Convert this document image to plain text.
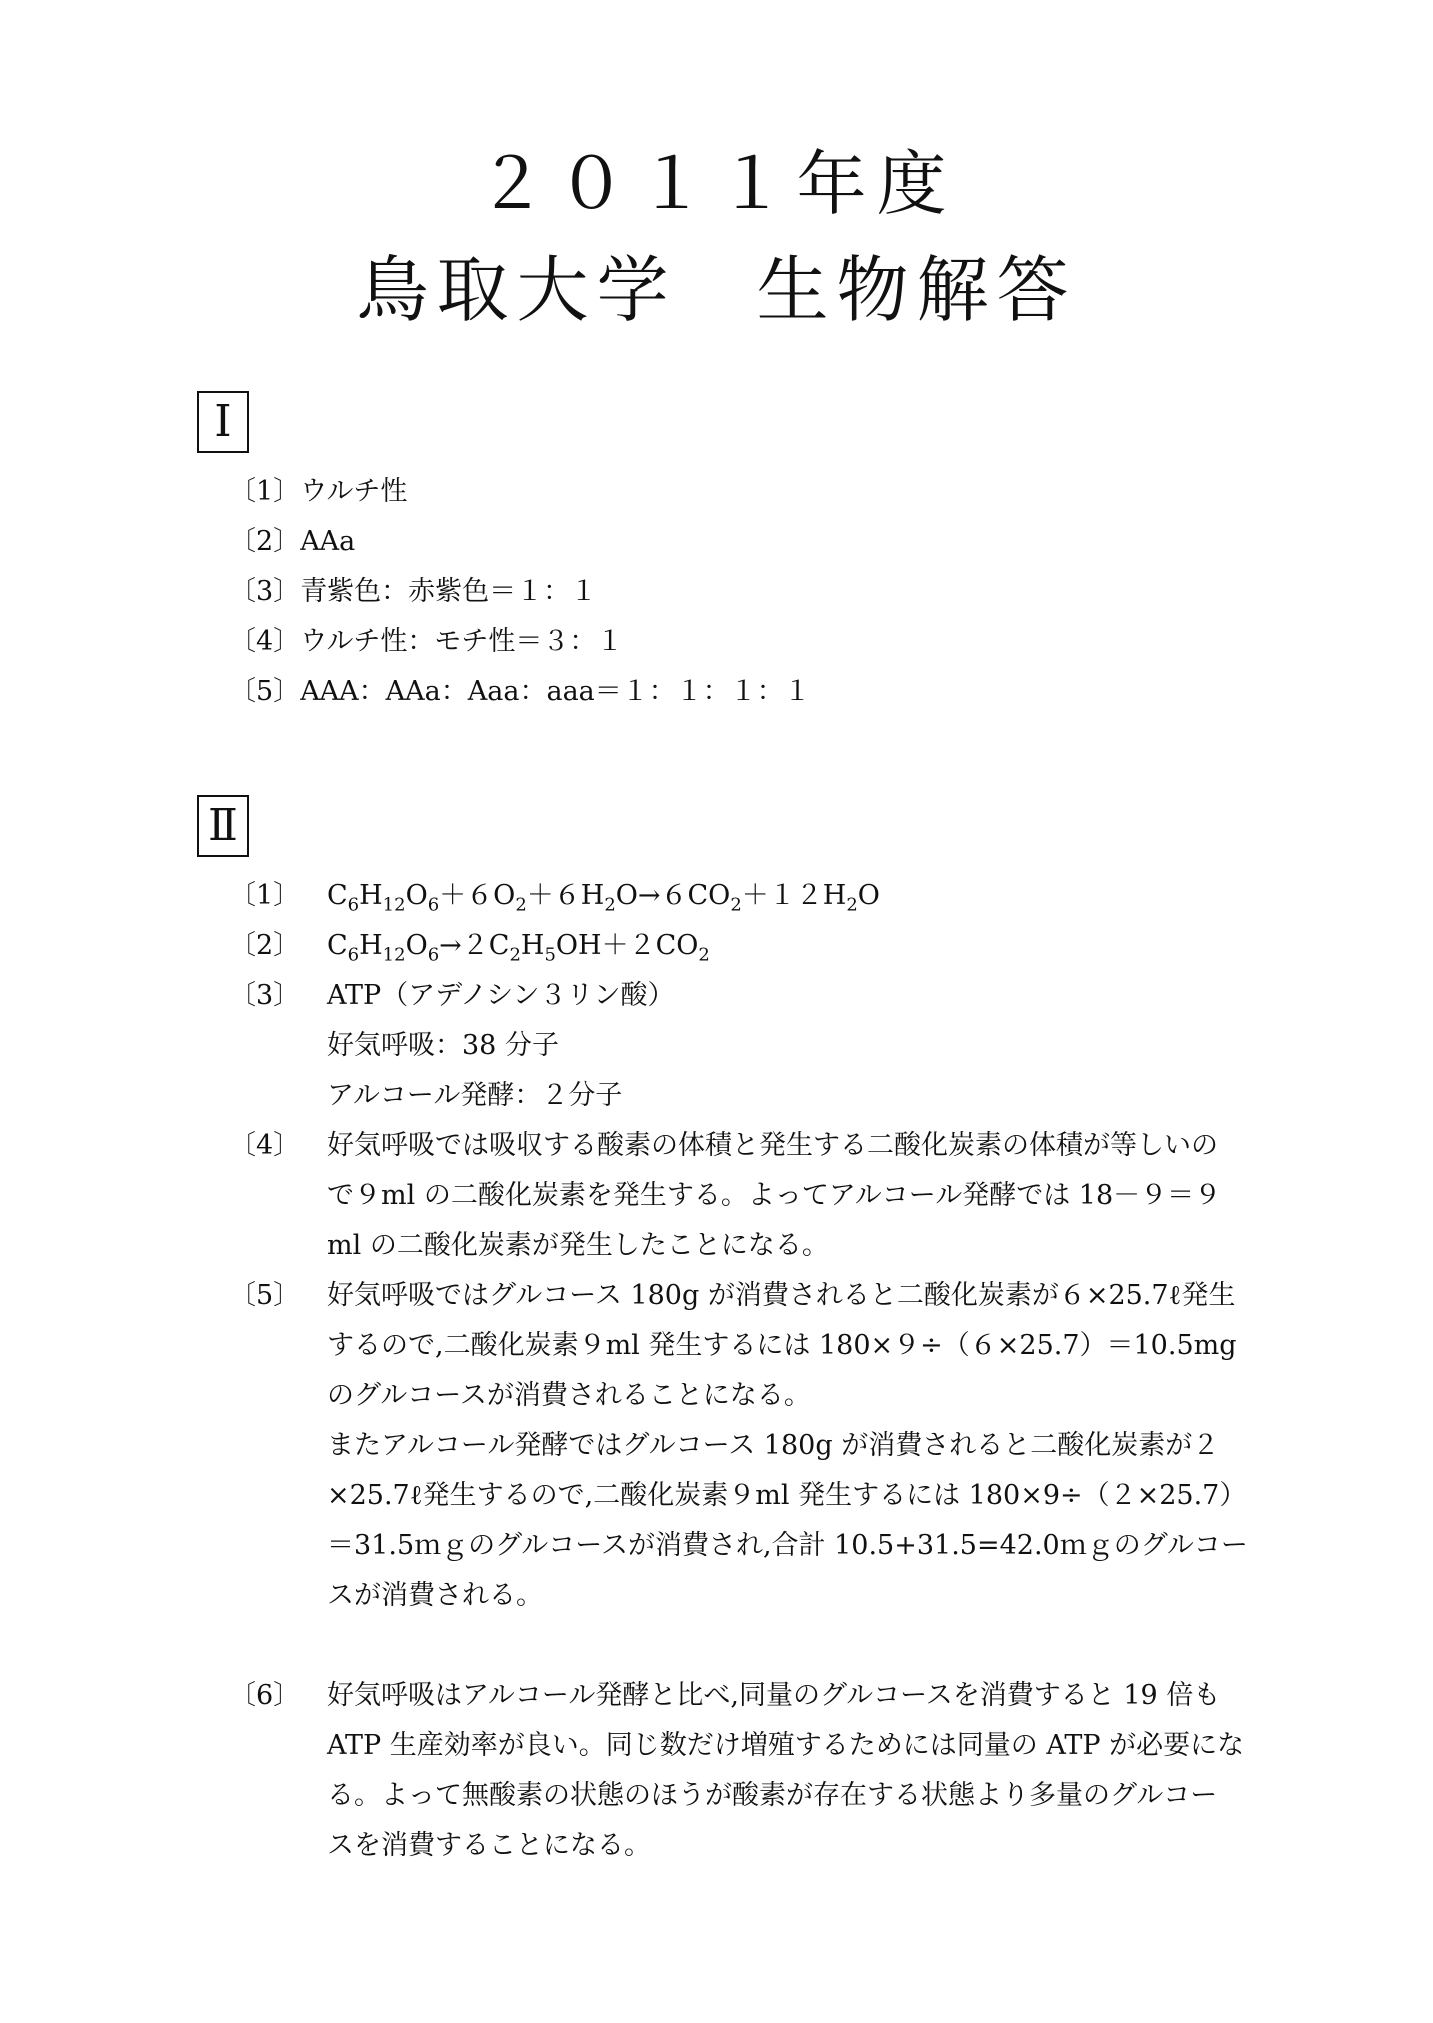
２０１１年度
鳥取大学　生物解答
Ⅰ
〔1〕ウルチ性
〔2〕AAa
〔3〕青紫色：赤紫色＝１：１
〔4〕ウルチ性：モチ性＝３：１
〔5〕AAA：AAa：Aaa：aaa＝１：１：１：１
Ⅱ
〔1〕 $C_6H_{12}O_6+6O_2+6H_2O\to 6CO_2+12H_2O$
〔2〕 $C_6H_{12}O_6\to 2C_2H_5OH+2CO_2$
〔3〕 ATP（アデノシン３リン酸）
好気呼吸：38 分子
アルコール発酵：２分子
〔4〕 好気呼吸では吸収する酸素の体積と発生する二酸化炭素の体積が等しいの
で９ml の二酸化炭素を発生する。よってアルコール発酵では 18－９＝９
ml の二酸化炭素が発生したことになる。
〔5〕 好気呼吸ではグルコース 180g が消費されると二酸化炭素が６×25.7ℓ発生
するので,二酸化炭素９ml 発生するには 180×９÷（６×25.7）＝10.5mg
のグルコースが消費されることになる。
またアルコール発酵ではグルコース 180g が消費されると二酸化炭素が２
×25.7ℓ発生するので,二酸化炭素９ml 発生するには 180×9÷（２×25.7）
＝31.5ｍｇのグルコースが消費され,合計 10.5+31.5=42.0ｍｇのグルコー
スが消費される。
〔6〕 好気呼吸はアルコール発酵と比べ,同量のグルコースを消費すると 19 倍も
ATP 生産効率が良い。同じ数だけ増殖するためには同量の ATP が必要にな
る。よって無酸素の状態のほうが酸素が存在する状態より多量のグルコー
スを消費することになる。
